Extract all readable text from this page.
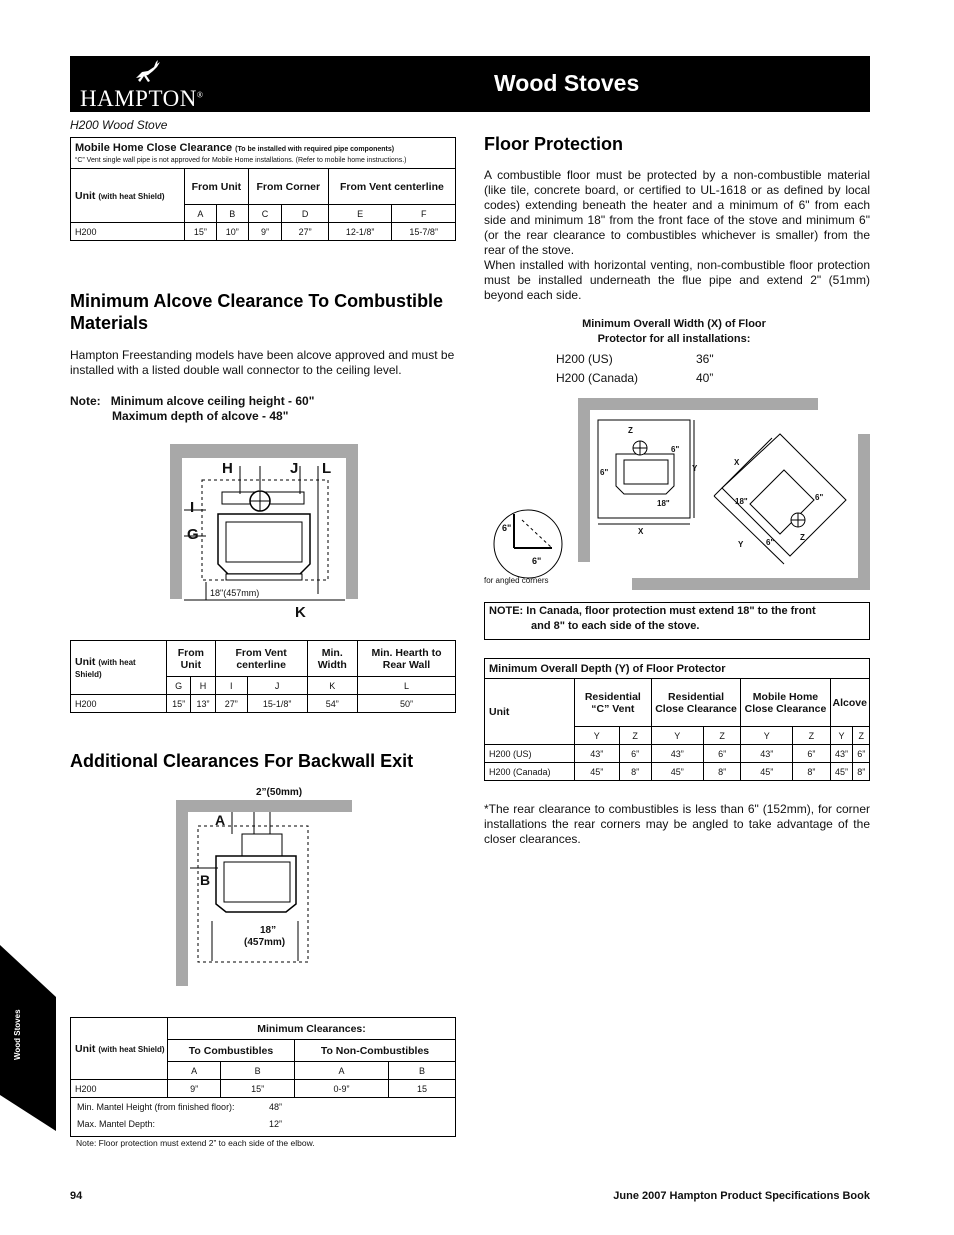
HAMPTON®	Wood Stoves
H200 Wood Stove
Mobile Home Close Clearance (To be installed with required pipe components)
“C” Vent single wall pipe is not approved for Mobile Home installations. (Refer to mobile home instructions.)
Unit (with heat Shield)	From Unit		From Corner		From Vent centerline	
	A	B	C	D	E	F
H200	15”	10”	9”	27”	12-1/8”	15-7/8”
Minimum Alcove Clearance To Combustible Materials
Hampton Freestanding models have been alcove approved and must be installed with a listed double wall connector to the ceiling level.
Note: Minimum alcove ceiling height - 60"
Maximum depth of alcove - 48"
H	J L
I
G
K
18"(457mm)
Unit (with heat Shield)	From Unit		From Vent centerline		Min. Width	Min. Hearth to Rear Wall
	G	H	I	J	K	L
H200	15”	13”	27”	15-1/8”	54”	50”
Additional Clearances For Backwall Exit
2”(50mm)
A
B
18”
(457mm)
Unit (with heat Shield)	Minimum Clearances:			
	To Combustibles		To Non-Combustibles	
	A	B	A	B
H200	9”	15”	0-9”	15

Min. Mantel Height (from finished floor): 48”
Max. Mantel Depth: 12”				
Note: Floor protection must extend 2” to each side of the elbow.
Floor Protection
A combustible floor must be protected by a non-combustible material (like tile, concrete board, or certified to UL-1618 or as defined by local codes) extending beneath the heater and a minimum of 6" from each side and minimum 18" from the front face of the stove and minimum 6" (or the rear clearance to combustibles whichever is smaller) from the rear of the stove.
When installed with horizontal venting, non-combustible floor protection must be installed underneath the flue pipe and extend 2" (51mm) beyond each side.
Minimum Overall Width (X) of Floor
Protector for all installations:
H200 (US)	36"
H200 (Canada)	40”
Z
6"
6"	Y
18"
X
X
18"	6"
Z
6"
Y
6"
6"
for angled corners
NOTE: In Canada, floor protection must extend 18" to the front
and 8" to each side of the stove.
Minimum Overall Depth (Y) of Floor Protector
Unit	Residential “C” Vent		Residential Close Clearance		Mobile Home Close Clearance		Alcove	
	Y	Z	Y	Z	Y	Z	Y	Z
H200 (US)	43”	6”	43”	6”	43”	6”	43”	6”
H200 (Canada)	45”	8”	45”	8”	45”	8”	45”	8”
*The rear clearance to combustibles is less than 6" (152mm), for corner installations the rear corners may be angled to take advantage of the closer clearances.
Wood Stoves
94	June 2007 Hampton Product Specifications Book
